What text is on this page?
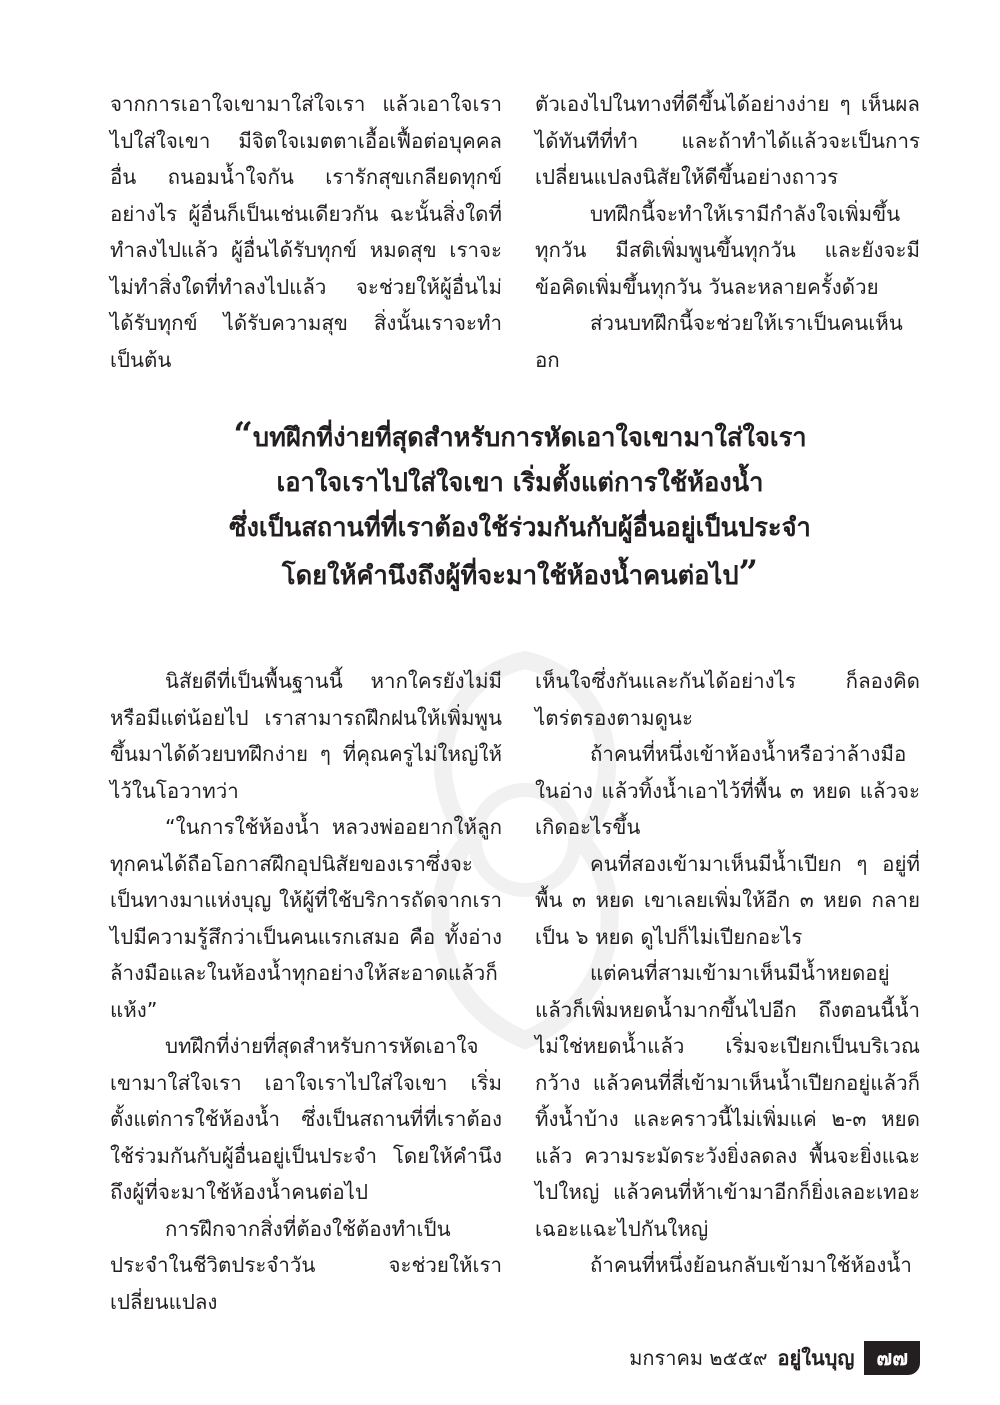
จากการเอาใจเขามาใส่ใจเรา แล้วเอาใจเราไปใส่ใจเขา มีจิตใจเมตตาเอื้อเฟื้อต่อบุคคลอื่น ถนอมน้ำใจกัน เรารักสุขเกลียดทุกข์อย่างไร ผู้อื่นก็เป็นเช่นเดียวกัน ฉะนั้นสิ่งใดที่ทำลงไปแล้ว ผู้อื่นได้รับทุกข์ หมดสุข เราจะไม่ทำสิ่งใดที่ทำลงไปแล้ว จะช่วยให้ผู้อื่นไม่ได้รับทุกข์ ได้รับความสุข สิ่งนั้นเราจะทำ เป็นต้น

ตัวเองไปในทางที่ดีขึ้นได้อย่างง่าย ๆ เห็นผลได้ทันทีที่ทำ และถ้าทำได้แล้วจะเป็นการเปลี่ยนแปลงนิสัยให้ดีขึ้นอย่างถาวร

บทฝึกนี้จะทำให้เรามีกำลังใจเพิ่มขึ้นทุกวัน มีสติเพิ่มพูนขึ้นทุกวัน และยังจะมีข้อคิดเพิ่มขึ้นทุกวัน วันละหลายครั้งด้วย

ส่วนบทฝึกนี้จะช่วยให้เราเป็นคนเห็นอก

“บทฝึกที่ง่ายที่สุดสำหรับการหัดเอาใจเขามาใส่ใจเรา
เอาใจเราไปใส่ใจเขา เริ่มตั้งแต่การใช้ห้องน้ำ
ซึ่งเป็นสถานที่ที่เราต้องใช้ร่วมกันกับผู้อื่นอยู่เป็นประจำ
โดยให้คำนึงถึงผู้ที่จะมาใช้ห้องน้ำคนต่อไป”

นิสัยดีที่เป็นพื้นฐานนี้ หากใครยังไม่มีหรือมีแต่น้อยไป เราสามารถฝึกฝนให้เพิ่มพูนขึ้นมาได้ด้วยบทฝึกง่าย ๆ ที่คุณครูไม่ใหญ่ให้ไว้ในโอวาทว่า

“ในการใช้ห้องน้ำ หลวงพ่ออยากให้ลูกทุกคนได้ถือโอกาสฝึกอุปนิสัยของเราซึ่งจะเป็นทางมาแห่งบุญ ให้ผู้ที่ใช้บริการถัดจากเราไปมีความรู้สึกว่าเป็นคนแรกเสมอ คือ ทั้งอ่างล้างมือและในห้องน้ำทุกอย่างให้สะอาดแล้วก็แห้ง”

บทฝึกที่ง่ายที่สุดสำหรับการหัดเอาใจเขามาใส่ใจเรา เอาใจเราไปใส่ใจเขา เริ่มตั้งแต่การใช้ห้องน้ำ ซึ่งเป็นสถานที่ที่เราต้องใช้ร่วมกันกับผู้อื่นอยู่เป็นประจำ โดยให้คำนึงถึงผู้ที่จะมาใช้ห้องน้ำคนต่อไป

การฝึกจากสิ่งที่ต้องใช้ต้องทำเป็นประจำในชีวิตประจำวัน จะช่วยให้เราเปลี่ยนแปลง

เห็นใจซึ่งกันและกันได้อย่างไร ก็ลองคิดไตร่ตรองตามดูนะ

ถ้าคนที่หนึ่งเข้าห้องน้ำหรือว่าล้างมือในอ่าง แล้วทิ้งน้ำเอาไว้ที่พื้น ๓ หยด แล้วจะเกิดอะไรขึ้น

คนที่สองเข้ามาเห็นมีน้ำเปียก ๆ อยู่ที่พื้น ๓ หยด เขาเลยเพิ่มให้อีก ๓ หยด กลายเป็น ๖ หยด ดูไปก็ไม่เปียกอะไร

แต่คนที่สามเข้ามาเห็นมีน้ำหยดอยู่แล้วก็เพิ่มหยดน้ำมากขึ้นไปอีก ถึงตอนนี้น้ำไม่ใช่หยดน้ำแล้ว เริ่มจะเปียกเป็นบริเวณกว้าง แล้วคนที่สี่เข้ามาเห็นน้ำเปียกอยู่แล้วก็ทิ้งน้ำบ้าง และคราวนี้ไม่เพิ่มแค่ ๒-๓ หยดแล้ว ความระมัดระวังยิ่งลดลง พื้นจะยิ่งแฉะไปใหญ่ แล้วคนที่ห้าเข้ามาอีกก็ยิ่งเลอะเทอะเฉอะแฉะไปกันใหญ่

ถ้าคนที่หนึ่งย้อนกลับเข้ามาใช้ห้องน้ำ

มกราคม ๒๕๕๙ อยู่ในบุญ	๗๗
